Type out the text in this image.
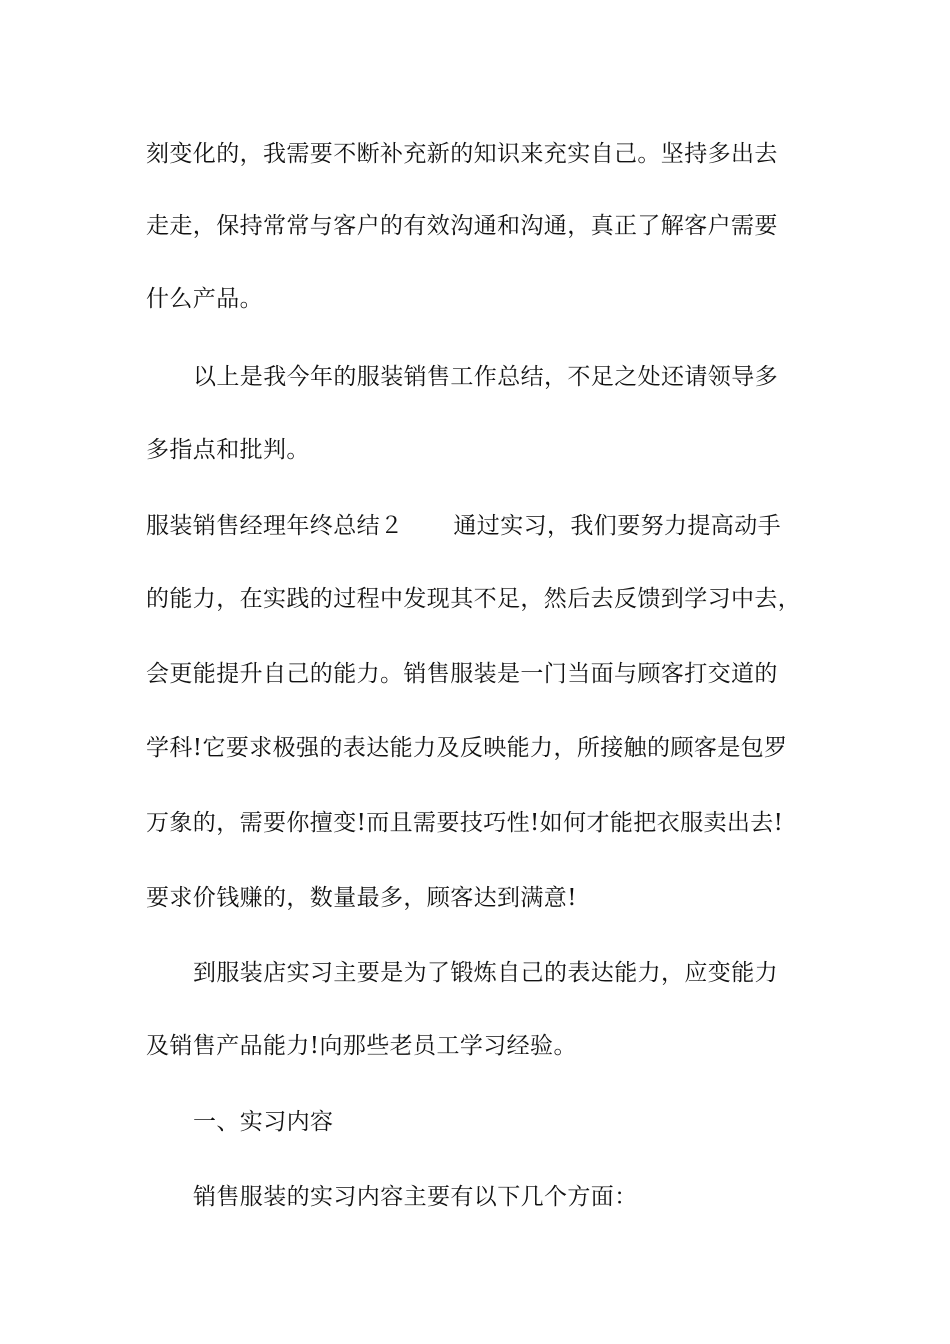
刻变化的，我需要不断补充新的知识来充实自己。坚持多出去
走走，保持常常与客户的有效沟通和沟通，真正了解客户需要
什么产品。
以上是我今年的服装销售工作总结，不足之处还请领导多
多指点和批判。
服装销售经理年终总结２ 通过实习，我们要努力提高动手
的能力，在实践的过程中发现其不足，然后去反馈到学习中去，
会更能提升自己的能力。销售服装是一门当面与顾客打交道的
学科!它要求极强的表达能力及反映能力，所接触的顾客是包罗
万象的，需要你擅变!而且需要技巧性!如何才能把衣服卖出去!
要求价钱赚的，数量最多，顾客达到满意!
到服装店实习主要是为了锻炼自己的表达能力，应变能力
及销售产品能力!向那些老员工学习经验。
一、实习内容
销售服装的实习内容主要有以下几个方面：
